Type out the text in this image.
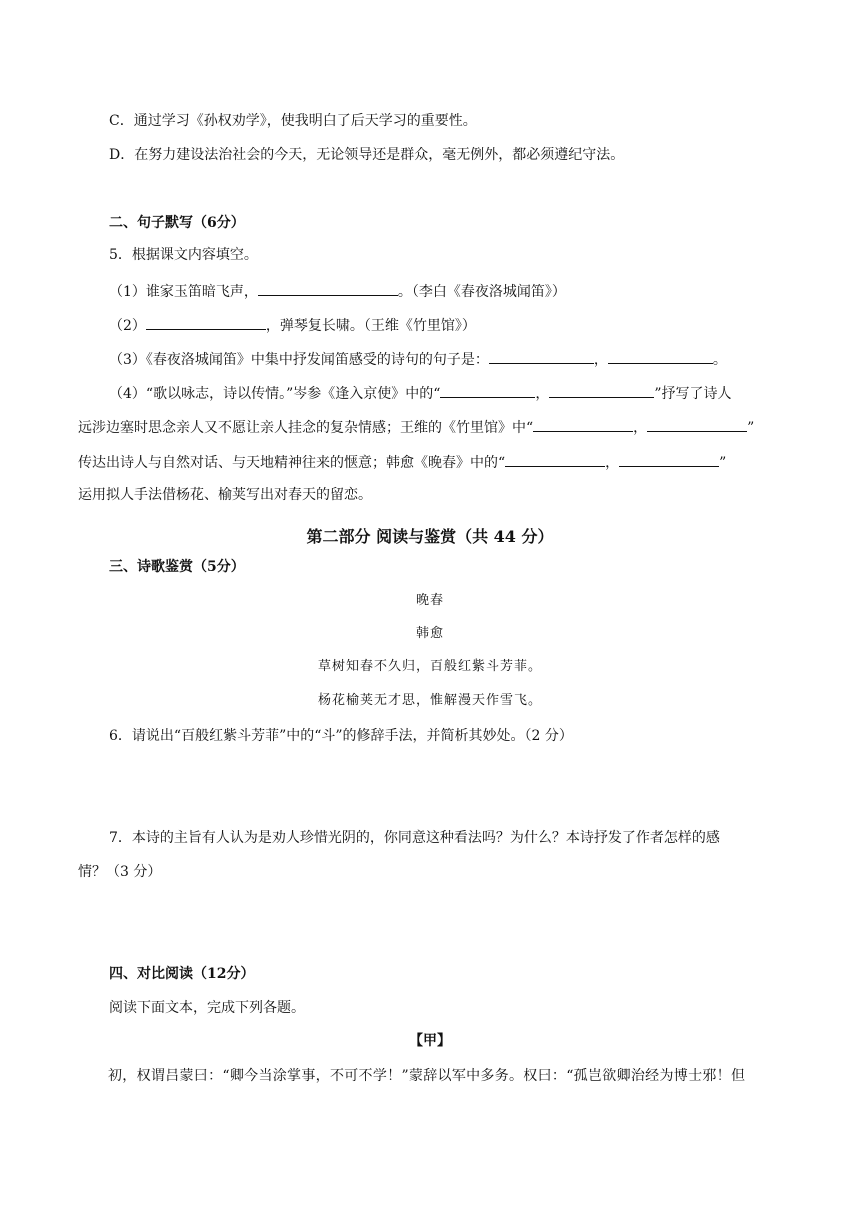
C．通过学习《孙权劝学》，使我明白了后天学习的重要性。
D．在努力建设法治社会的今天，无论领导还是群众，毫无例外，都必须遵纪守法。
二、句子默写（6分）
5．根据课文内容填空。
（1）谁家玉笛暗飞声，	。（李白《春夜洛城闻笛》）
（2）	，弹琴复长啸。（王维《竹里馆》）
（3）《春夜洛城闻笛》中集中抒发闻笛感受的诗句的句子是：	，	。
（4）“歌以咏志，诗以传情。”岑参《逢入京使》中的“	，	”抒写了诗人
远涉边塞时思念亲人又不愿让亲人挂念的复杂情感；王维的《竹里馆》中“	，	”
传达出诗人与自然对话、与天地精神往来的惬意；韩愈《晚春》中的“	，	”
运用拟人手法借杨花、榆荚写出对春天的留恋。
第二部分 阅读与鉴赏（共 44 分）
三、诗歌鉴赏（5分）
晚春
韩愈
草树知春不久归，百般红紫斗芳菲。
杨花榆荚无才思，惟解漫天作雪飞。
6．请说出“百般红紫斗芳菲”中的“斗”的修辞手法，并简析其妙处。（2 分）
7．本诗的主旨有人认为是劝人珍惜光阴的，你同意这种看法吗？为什么？本诗抒发了作者怎样的感
情？（3 分）
四、对比阅读（12分）
阅读下面文本，完成下列各题。
【甲】
初，权谓吕蒙曰：“卿今当涂掌事，不可不学！”蒙辞以军中多务。权曰：“孤岂欲卿治经为博士邪！但
